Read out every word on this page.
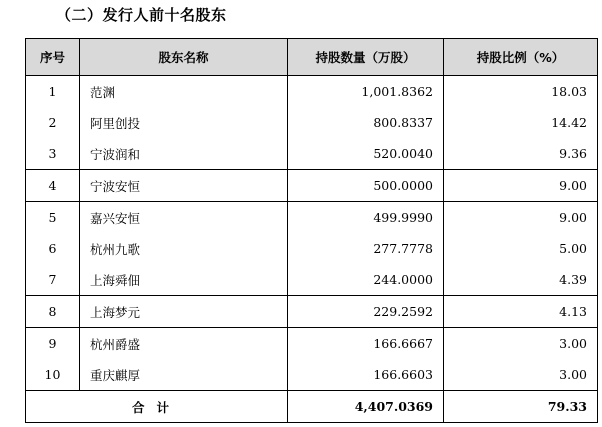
（二）发行人前十名股东
序号	股东名称	持股数量（万股）	持股比例（%）
1	范渊	1,001.8362	18.03
2	阿里创投	800.8337	14.42
3	宁波润和	520.0040	9.36
4	宁波安恒	500.0000	9.00
5	嘉兴安恒	499.9990	9.00
6	杭州九歌	277.7778	5.00
7	上海舜佃	244.0000	4.39
8	上海梦元	229.2592	4.13
9	杭州爵盛	166.6667	3.00
10	重庆麒厚	166.6603	3.00
合计		4,407.0369	79.33
